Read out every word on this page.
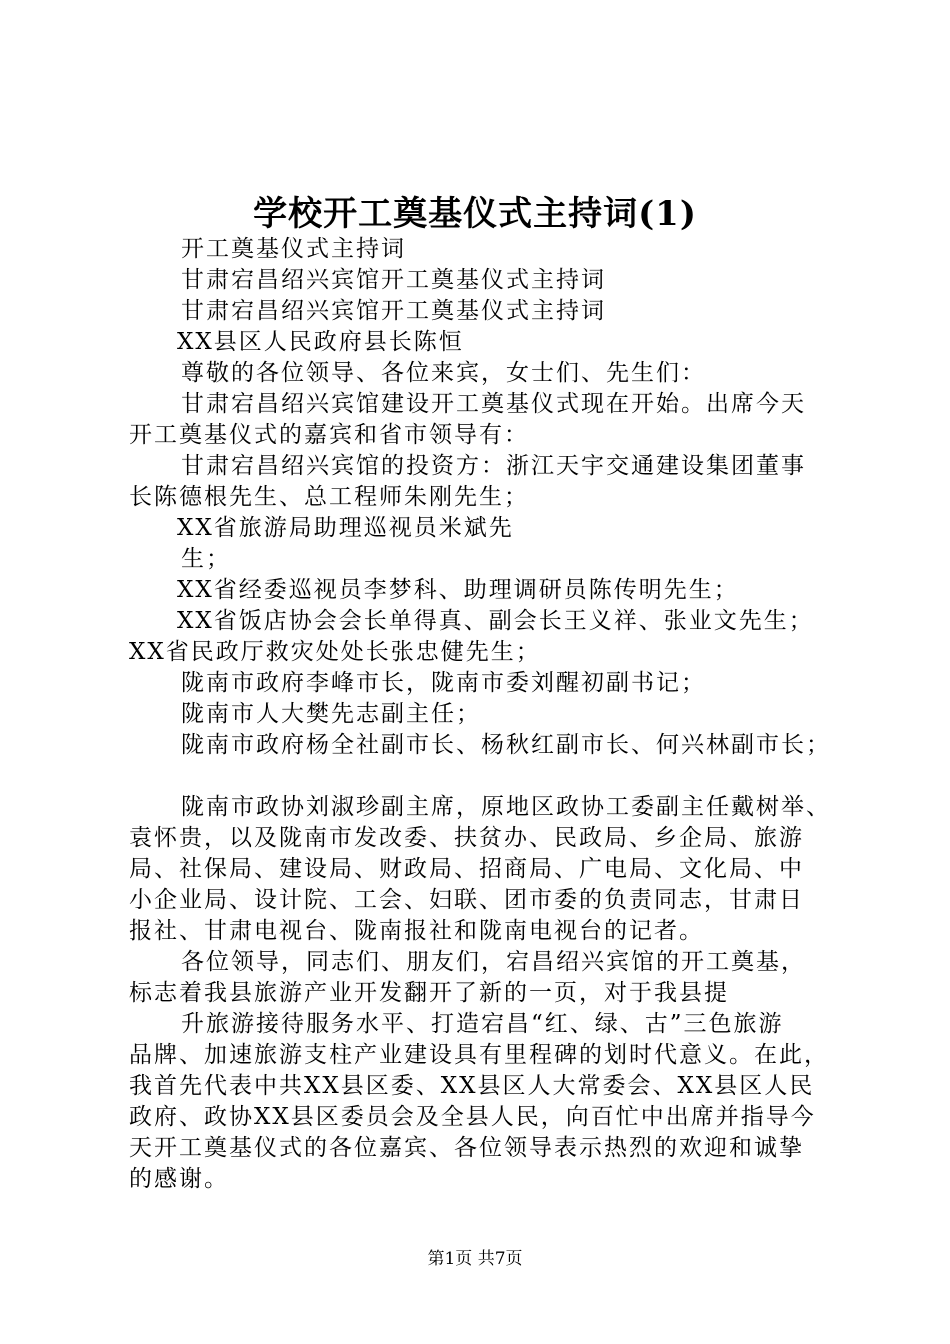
学校开工奠基仪式主持词(1)
开工奠基仪式主持词
甘肃宕昌绍兴宾馆开工奠基仪式主持词
甘肃宕昌绍兴宾馆开工奠基仪式主持词
XX县区人民政府县长陈恒
尊敬的各位领导、各位来宾，女士们、先生们：
甘肃宕昌绍兴宾馆建设开工奠基仪式现在开始。出席今天
开工奠基仪式的嘉宾和省市领导有：
甘肃宕昌绍兴宾馆的投资方：浙江天宇交通建设集团董事
长陈德根先生、总工程师朱刚先生；
XX省旅游局助理巡视员米斌先
生；
XX省经委巡视员李梦科、助理调研员陈传明先生；
XX省饭店协会会长单得真、副会长王义祥、张业文先生；
XX省民政厅救灾处处长张忠健先生；
陇南市政府李峰市长，陇南市委刘醒初副书记；
陇南市人大樊先志副主任；
陇南市政府杨全社副市长、杨秋红副市长、何兴林副市长；
陇南市政协刘淑珍副主席，原地区政协工委副主任戴树举、
袁怀贵，以及陇南市发改委、扶贫办、民政局、乡企局、旅游
局、社保局、建设局、财政局、招商局、广电局、文化局、中
小企业局、设计院、工会、妇联、团市委的负责同志，甘肃日
报社、甘肃电视台、陇南报社和陇南电视台的记者。
各位领导，同志们、朋友们，宕昌绍兴宾馆的开工奠基，
标志着我县旅游产业开发翻开了新的一页，对于我县提
升旅游接待服务水平、打造宕昌“红、绿、古”三色旅游
品牌、加速旅游支柱产业建设具有里程碑的划时代意义。在此，
我首先代表中共XX县区委、XX县区人大常委会、XX县区人民
政府、政协XX县区委员会及全县人民，向百忙中出席并指导今
天开工奠基仪式的各位嘉宾、各位领导表示热烈的欢迎和诚挚
的感谢。
第1页 共7页
